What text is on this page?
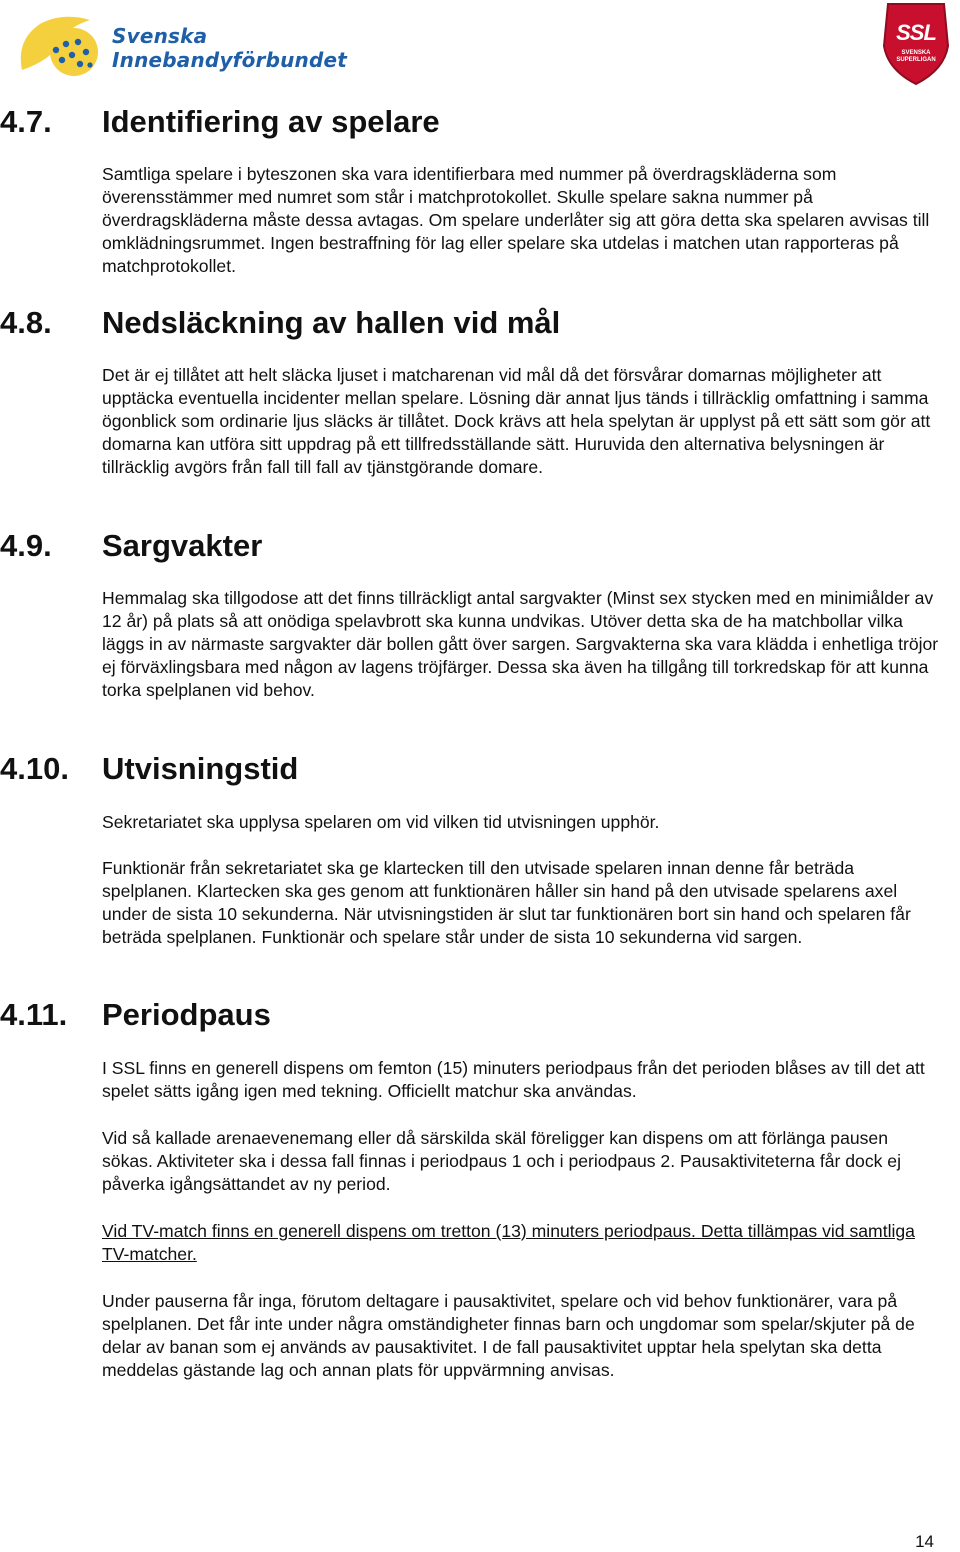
Svenska
Innebandyförbundet
SSL
SVENSKA
SUPERLIGAN
4.7. Identifiering av spelare

Samtliga spelare i byteszonen ska vara identifierbara med nummer på överdragskläderna som överensstämmer med numret som står i matchprotokollet. Skulle spelare sakna nummer på överdragskläderna måste dessa avtagas. Om spelare underlåter sig att göra detta ska spelaren avvisas till omklädningsrummet. Ingen bestraffning för lag eller spelare ska utdelas i matchen utan rapporteras på matchprotokollet.

4.8. Nedsläckning av hallen vid mål

Det är ej tillåtet att helt släcka ljuset i matcharenan vid mål då det försvårar domarnas möjligheter att upptäcka eventuella incidenter mellan spelare. Lösning där annat ljus tänds i tillräcklig omfattning i samma ögonblick som ordinarie ljus släcks är tillåtet. Dock krävs att hela spelytan är upplyst på ett sätt som gör att domarna kan utföra sitt uppdrag på ett tillfredsställande sätt. Huruvida den alternativa belysningen är tillräcklig avgörs från fall till fall av tjänstgörande domare.

4.9. Sargvakter

Hemmalag ska tillgodose att det finns tillräckligt antal sargvakter (Minst sex stycken med en minimiålder av 12 år) på plats så att onödiga spelavbrott ska kunna undvikas. Utöver detta ska de ha matchbollar vilka läggs in av närmaste sargvakter där bollen gått över sargen. Sargvakterna ska vara klädda i enhetliga tröjor ej förväxlingsbara med någon av lagens tröjfärger. Dessa ska även ha tillgång till torkredskap för att kunna torka spelplanen vid behov.

4.10. Utvisningstid

Sekretariatet ska upplysa spelaren om vid vilken tid utvisningen upphör.

Funktionär från sekretariatet ska ge klartecken till den utvisade spelaren innan denne får beträda spelplanen. Klartecken ska ges genom att funktionären håller sin hand på den utvisade spelarens axel under de sista 10 sekunderna. När utvisningstiden är slut tar funktionären bort sin hand och spelaren får beträda spelplanen. Funktionär och spelare står under de sista 10 sekunderna vid sargen.

4.11. Periodpaus

I SSL finns en generell dispens om femton (15) minuters periodpaus från det perioden blåses av till det att spelet sätts igång igen med tekning. Officiellt matchur ska användas.

Vid så kallade arenaevenemang eller då särskilda skäl föreligger kan dispens om att förlänga pausen sökas. Aktiviteter ska i dessa fall finnas i periodpaus 1 och i periodpaus 2. Pausaktiviteterna får dock ej påverka igångsättandet av ny period.

Vid TV-match finns en generell dispens om tretton (13) minuters periodpaus. Detta tillämpas vid samtliga TV-matcher.

Under pauserna får inga, förutom deltagare i pausaktivitet, spelare och vid behov funktionärer, vara på spelplanen. Det får inte under några omständigheter finnas barn och ungdomar som spelar/skjuter på de delar av banan som ej används av pausaktivitet. I de fall pausaktivitet upptar hela spelytan ska detta meddelas gästande lag och annan plats för uppvärmning anvisas.

14
